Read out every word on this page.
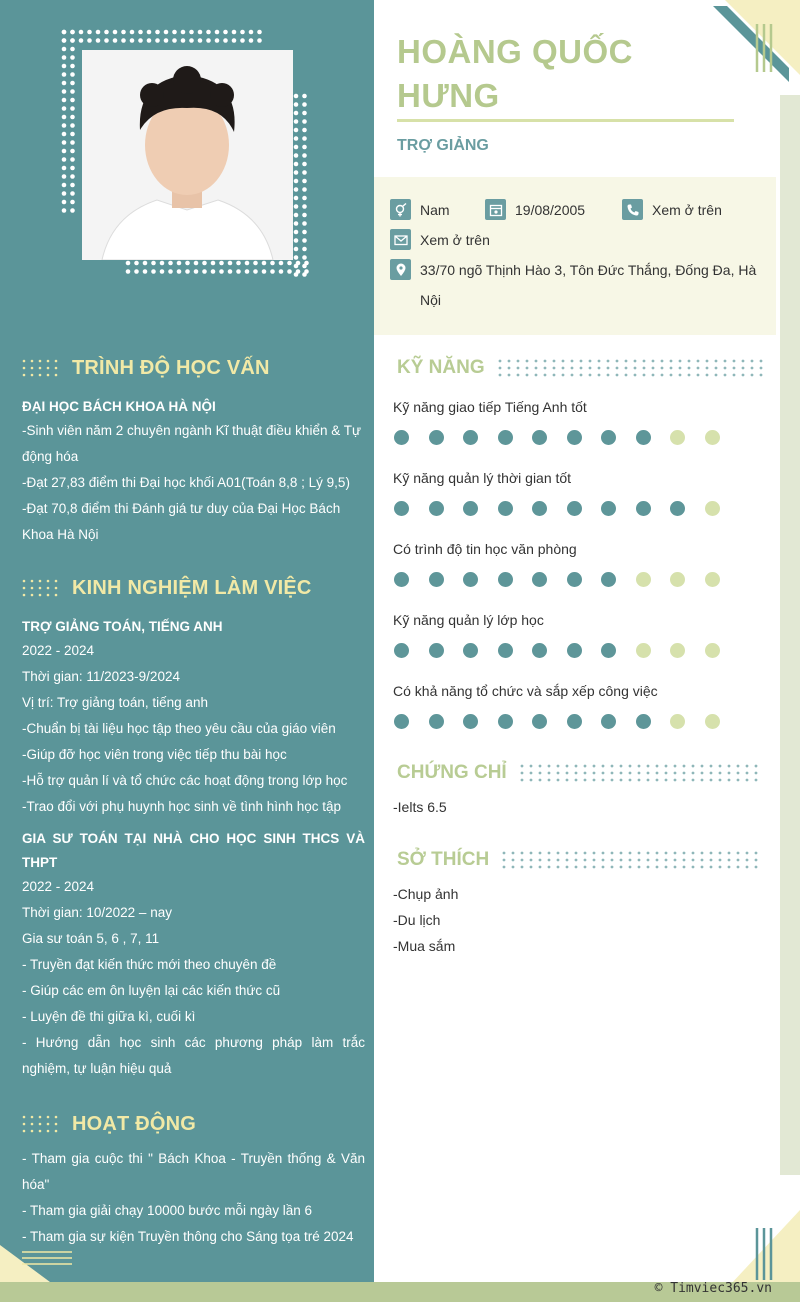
TRÌNH ĐỘ HỌC VẤN
ĐẠI HỌC BÁCH KHOA HÀ NỘI
-Sinh viên năm 2 chuyên ngành Kĩ thuật điều khiển & Tự
động hóa
-Đạt 27,83 điểm thi Đại học khối A01(Toán 8,8 ; Lý 9,5)
-Đạt 70,8 điểm thi Đánh giá tư duy của Đại Học Bách
Khoa Hà Nội
KINH NGHIỆM LÀM VIỆC
TRỢ GIẢNG TOÁN, TIẾNG ANH
2022 - 2024
Thời gian: 11/2023-9/2024
Vị trí: Trợ giảng toán, tiếng anh
-Chuẩn bị tài liệu học tập theo yêu cầu của giáo viên
-Giúp đỡ học viên trong việc tiếp thu bài học
-Hỗ trợ quản lí và tổ chức các hoạt động trong lớp học
-Trao đổi với phụ huynh học sinh về tình hình học tập
GIA SƯ TOÁN TẠI NHÀ CHO HỌC SINH THCS VÀ
THPT
2022 - 2024
Thời gian: 10/2022 – nay
Gia sư toán 5, 6 , 7, 11
- Truyền đạt kiến thức mới theo chuyên đề
- Giúp các em ôn luyện lại các kiến thức cũ
- Luyện đề thi giữa kì, cuối kì
- Hướng dẫn học sinh các phương pháp làm trắc
nghiệm, tự luận hiệu quả
HOẠT ĐỘNG
- Tham gia cuộc thi " Bách Khoa - Truyền thống & Văn
hóa"
- Tham gia giải chạy 10000 bước mỗi ngày lần 6
- Tham gia sự kiện Truyền thông cho Sáng tọa tré 2024
HOÀNG QUỐC
HƯNG
TRỢ GIẢNG
Nam	19/08/2005	Xem ở trên
Xem ở trên
33/70 ngõ Thịnh Hào 3, Tôn Đức Thắng, Đống Đa, Hà
Nội
KỸ NĂNG
Kỹ năng giao tiếp Tiếng Anh tốt
Kỹ năng quản lý thời gian tốt
Có trình độ tin học văn phòng
Kỹ năng quản lý lớp học
Có khả năng tổ chức và sắp xếp công việc
CHỨNG CHỈ
-Ielts 6.5
SỞ THÍCH
-Chụp ảnh
-Du lịch
-Mua sắm
© Timviec365.vn
